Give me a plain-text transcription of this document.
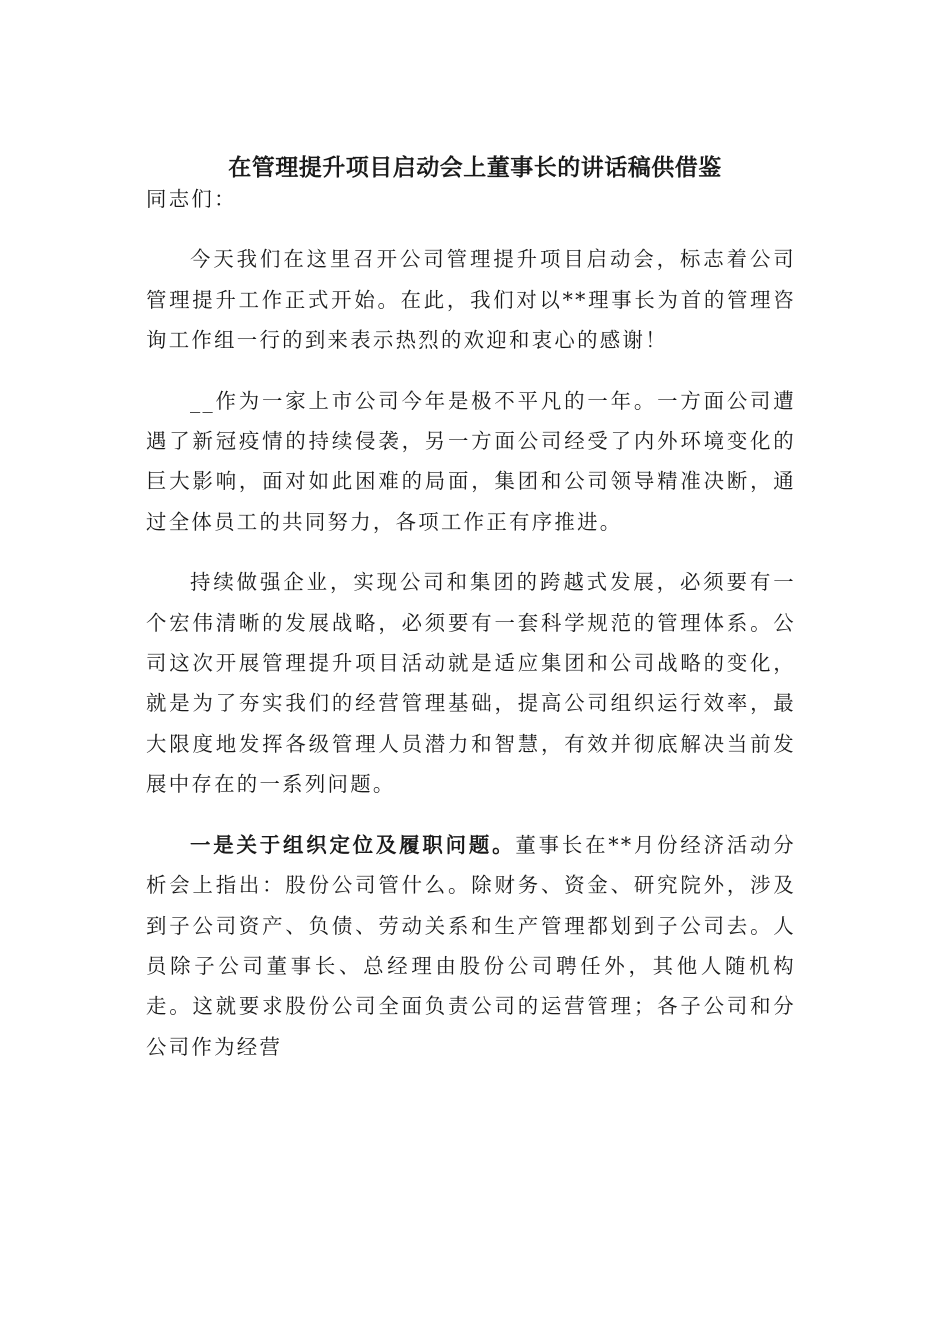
在管理提升项目启动会上董事长的讲话稿供借鉴

同志们：

今天我们在这里召开公司管理提升项目启动会，标志着公司管理提升工作正式开始。在此，我们对以**理事长为首的管理咨询工作组一行的到来表示热烈的欢迎和衷心的感谢！

__作为一家上市公司今年是极不平凡的一年。一方面公司遭遇了新冠疫情的持续侵袭，另一方面公司经受了内外环境变化的巨大影响，面对如此困难的局面，集团和公司领导精准决断，通过全体员工的共同努力，各项工作正有序推进。

持续做强企业，实现公司和集团的跨越式发展，必须要有一个宏伟清晰的发展战略，必须要有一套科学规范的管理体系。公司这次开展管理提升项目活动就是适应集团和公司战略的变化，就是为了夯实我们的经营管理基础，提高公司组织运行效率，最大限度地发挥各级管理人员潜力和智慧，有效并彻底解决当前发展中存在的一系列问题。

一是关于组织定位及履职问题。董事长在**月份经济活动分析会上指出：股份公司管什么。除财务、资金、研究院外，涉及到子公司资产、负债、劳动关系和生产管理都划到子公司去。人员除子公司董事长、总经理由股份公司聘任外，其他人随机构走。这就要求股份公司全面负责公司的运营管理；各子公司和分公司作为经营
